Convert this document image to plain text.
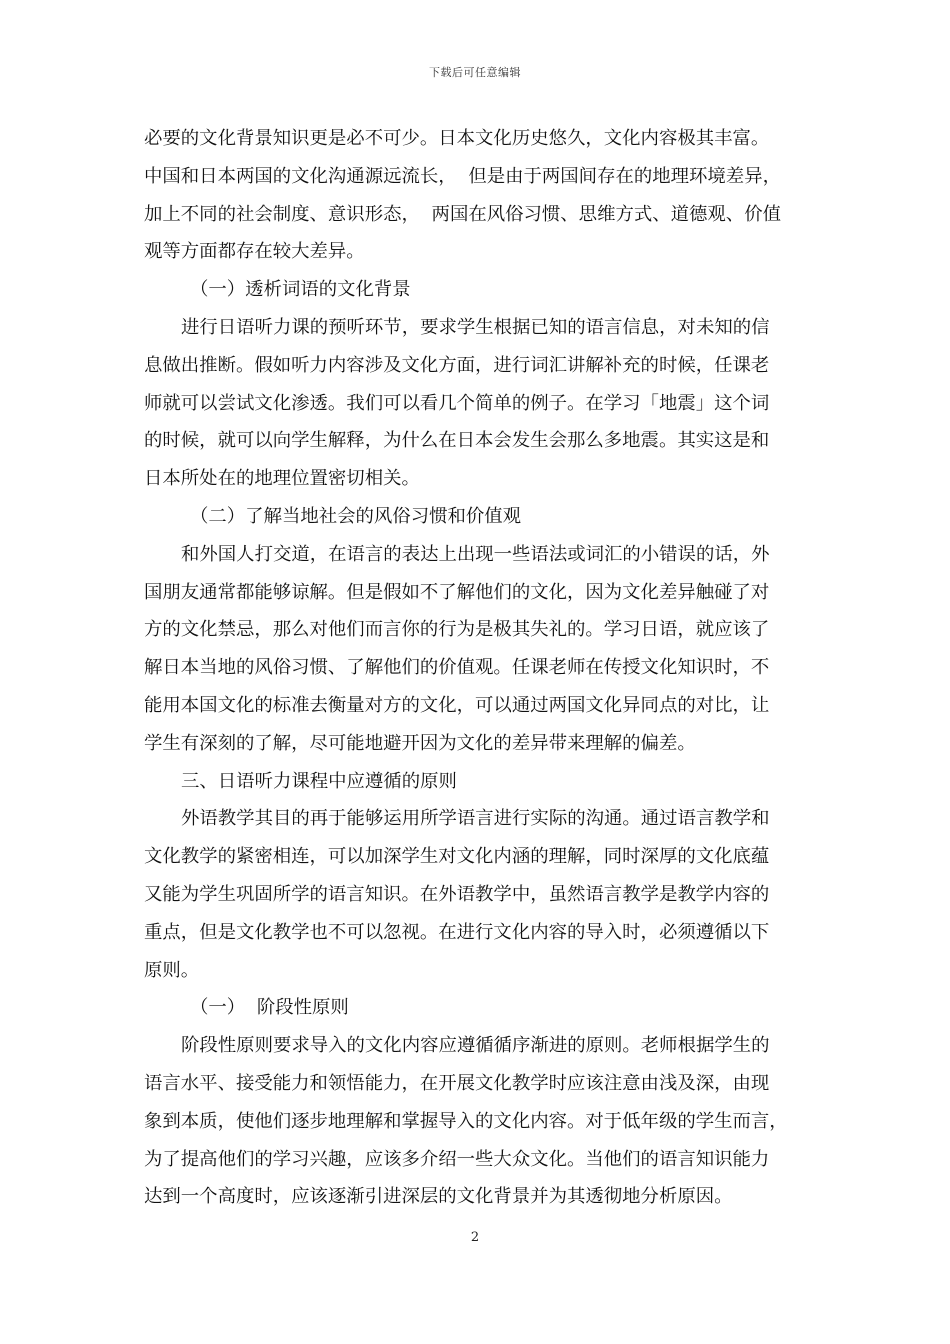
下载后可任意编辑
必要的文化背景知识更是必不可少。日本文化历史悠久，文化内容极其丰富。
中国和日本两国的文化沟通源远流长，  但是由于两国间存在的地理环境差异，
加上不同的社会制度、意识形态，  两国在风俗习惯、思维方式、道德观、价值
观等方面都存在较大差异。
（一）透析词语的文化背景
进行日语听力课的预听环节，要求学生根据已知的语言信息，对未知的信
息做出推断。假如听力内容涉及文化方面，进行词汇讲解补充的时候，任课老
师就可以尝试文化渗透。我们可以看几个简单的例子。在学习「地震」这个词
的时候，就可以向学生解释，为什么在日本会发生会那么多地震。其实这是和
日本所处在的地理位置密切相关。
（二）了解当地社会的风俗习惯和价值观
和外国人打交道，在语言的表达上出现一些语法或词汇的小错误的话，外
国朋友通常都能够谅解。但是假如不了解他们的文化，因为文化差异触碰了对
方的文化禁忌，那么对他们而言你的行为是极其失礼的。学习日语，就应该了
解日本当地的风俗习惯、了解他们的价值观。任课老师在传授文化知识时，不
能用本国文化的标准去衡量对方的文化，可以通过两国文化异同点的对比，让
学生有深刻的了解，尽可能地避开因为文化的差异带来理解的偏差。
三、日语听力课程中应遵循的原则
外语教学其目的再于能够运用所学语言进行实际的沟通。通过语言教学和
文化教学的紧密相连，可以加深学生对文化内涵的理解，同时深厚的文化底蕴
又能为学生巩固所学的语言知识。在外语教学中，虽然语言教学是教学内容的
重点，但是文化教学也不可以忽视。在进行文化内容的导入时，必须遵循以下
原则。
（一）  阶段性原则
阶段性原则要求导入的文化内容应遵循循序渐进的原则。老师根据学生的
语言水平、接受能力和领悟能力，在开展文化教学时应该注意由浅及深，由现
象到本质，使他们逐步地理解和掌握导入的文化内容。对于低年级的学生而言，
为了提高他们的学习兴趣，应该多介绍一些大众文化。当他们的语言知识能力
达到一个高度时，应该逐渐引进深层的文化背景并为其透彻地分析原因。
2
